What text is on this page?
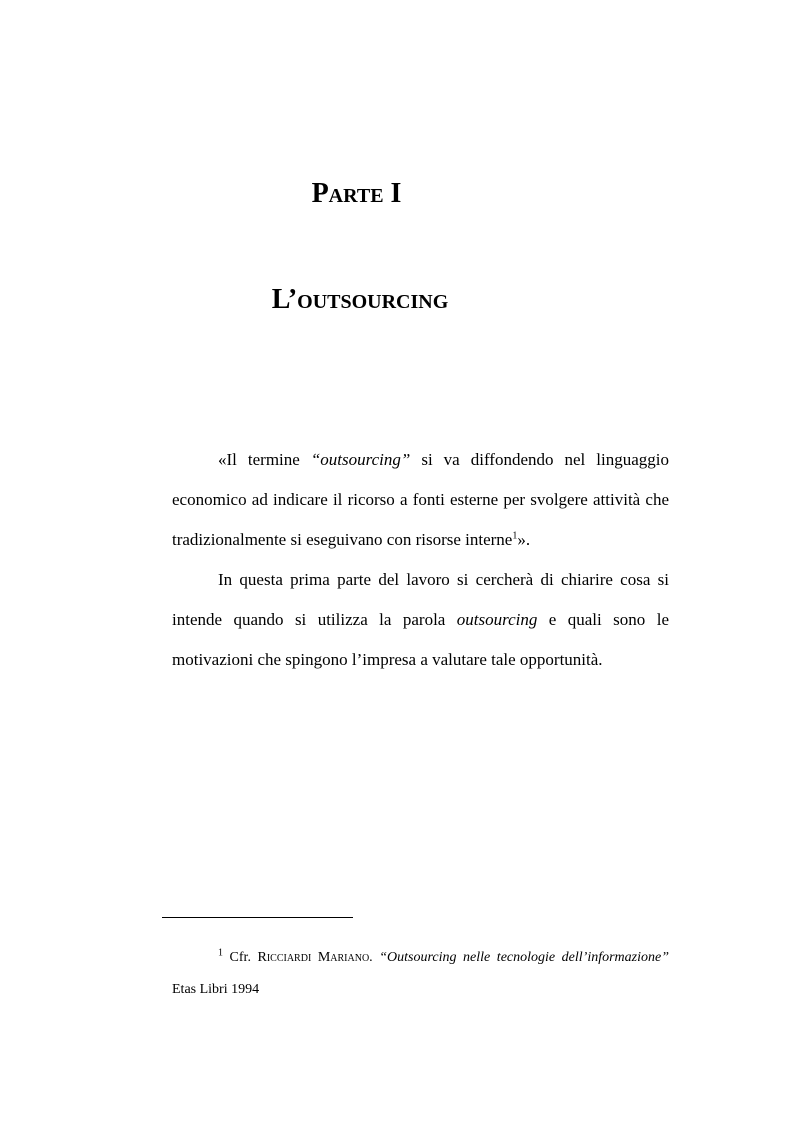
Parte I
L’outsourcing

«Il termine “outsourcing” si va diffondendo nel linguaggio economico ad indicare il ricorso a fonti esterne per svolgere attività che tradizionalmente si eseguivano con risorse interne$^1$».

In questa prima parte del lavoro si cercherà di chiarire cosa si intende quando si utilizza la parola outsourcing e quali sono le motivazioni che spingono l’impresa a valutare tale opportunità.

$^1$ Cfr. Ricciardi Mariano. “Outsourcing nelle tecnologie dell’informazione” Etas Libri 1994
